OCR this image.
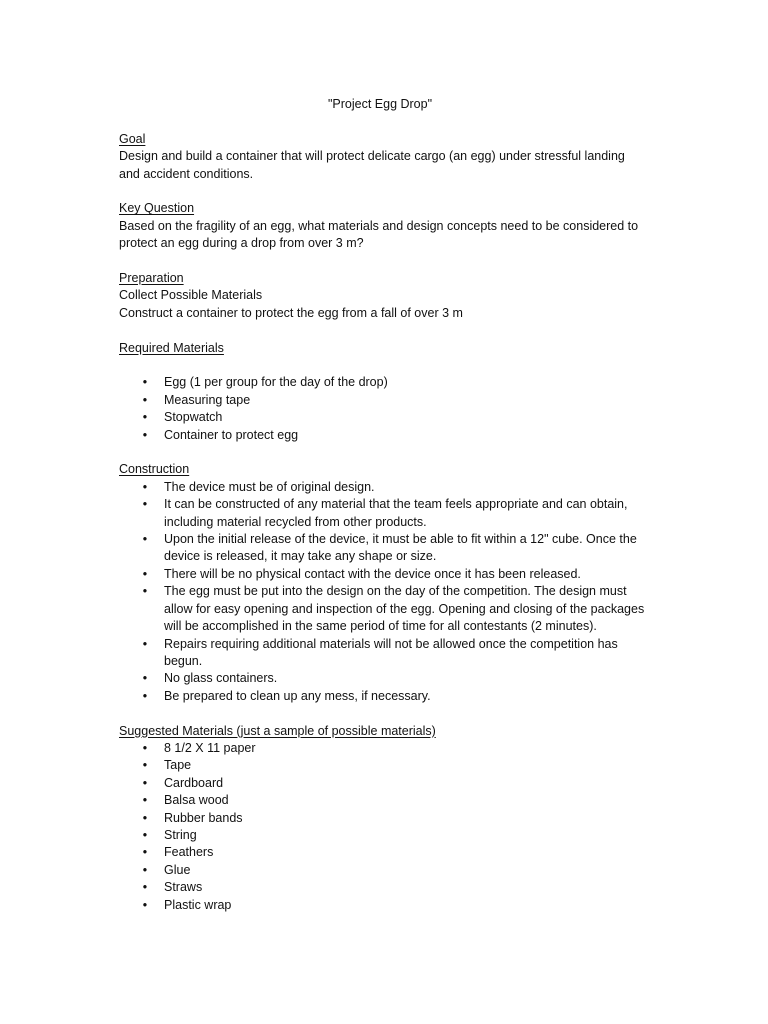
"Project Egg Drop"

Goal

Design and build a container that will protect delicate cargo (an egg) under stressful landing

and accident conditions.

Key Question

Based on the fragility of an egg, what materials and design concepts need to be considered to

protect an egg during a drop from over 3 m?

Preparation

Collect Possible Materials

Construct a container to protect the egg from a fall of over 3 m

Required Materials

• Egg (1 per group for the day of the drop)
• Measuring tape
• Stopwatch
• Container to protect egg

Construction

• The device must be of original design.
• It can be constructed of any material that the team feels appropriate and can obtain,
including material recycled from other products.
• Upon the initial release of the device, it must be able to fit within a 12" cube. Once the
device is released, it may take any shape or size.
• There will be no physical contact with the device once it has been released.
• The egg must be put into the design on the day of the competition. The design must
allow for easy opening and inspection of the egg. Opening and closing of the packages
will be accomplished in the same period of time for all contestants (2 minutes).
• Repairs requiring additional materials will not be allowed once the competition has
begun.
• No glass containers.
• Be prepared to clean up any mess, if necessary.

Suggested Materials (just a sample of possible materials)

• 8 1/2 X 11 paper
• Tape
• Cardboard
• Balsa wood
• Rubber bands
• String
• Feathers
• Glue
• Straws
• Plastic wrap
